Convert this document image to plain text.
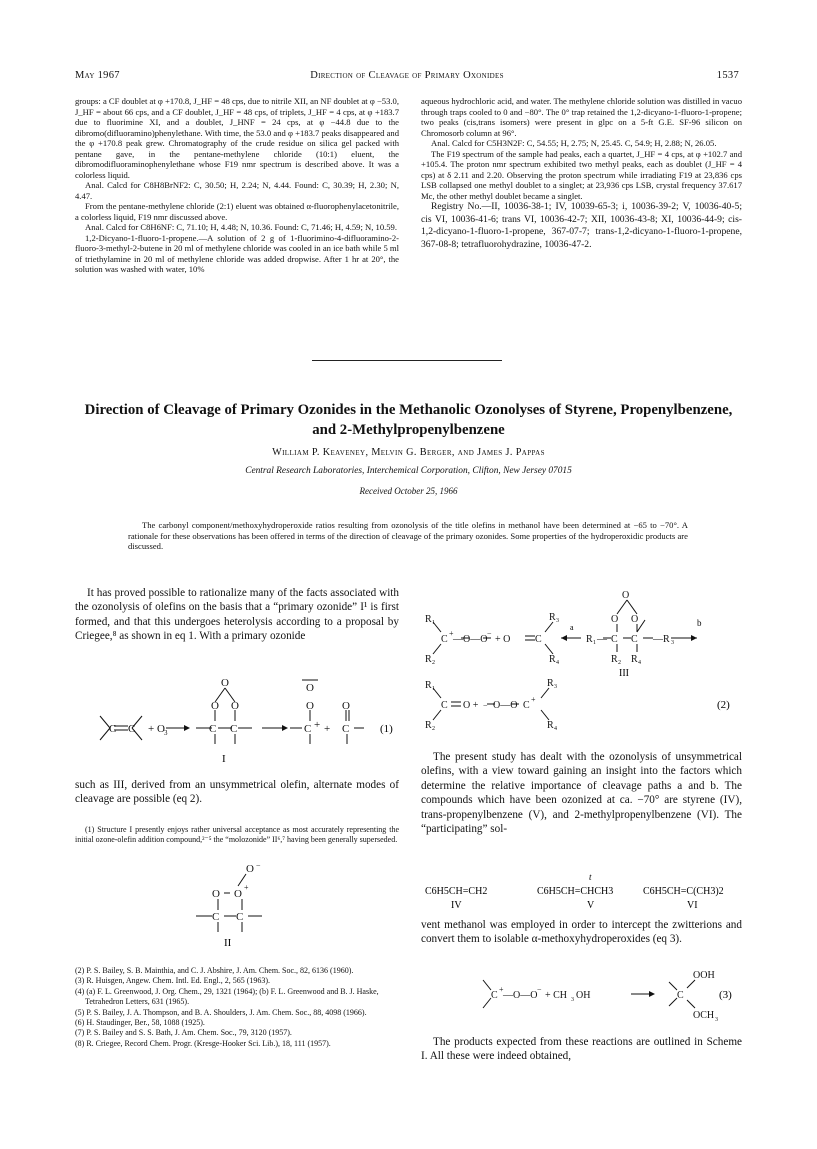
May 1967	Direction of Cleavage of Primary Oxonides	1537

groups: a CF doublet at φ +170.8, J_HF = 48 cps, due to nitrile XII, an NF doublet at φ −53.0, J_HF = about 66 cps, and a CF doublet, J_HF = 48 cps, of triplets, J_HF = 4 cps, at φ +183.7 due to fluorimine XI, and a doublet, J_HNF = 24 cps, at φ −44.8 due to the dibromo(difluoramino)phenylethane. With time, the 53.0 and φ +183.7 peaks disappeared and the φ +170.8 peak grew. Chromatography of the crude residue on silica gel packed with pentane gave, in the pentane-methylene chloride (10:1) eluent, the dibromodifluoraminophenylethane whose F19 nmr spectrum is described above. It was a colorless liquid.

Anal. Calcd for C8H8BrNF2: C, 30.50; H, 2.24; N, 4.44. Found: C, 30.39; H, 2.30; N, 4.47.

From the pentane-methylene chloride (2:1) eluent was obtained α-fluorophenylacetonitrile, a colorless liquid, F19 nmr discussed above.

Anal. Calcd for C8H6NF: C, 71.10; H, 4.48; N, 10.36. Found: C, 71.46; H, 4.59; N, 10.59.

1,2-Dicyano-1-fluoro-1-propene.—A solution of 2 g of 1-fluorimino-4-difluoramino-2-fluoro-3-methyl-2-butene in 20 ml of methylene chloride was cooled in an ice bath while 5 ml of triethylamine in 20 ml of methylene chloride was added dropwise. After 1 hr at 20°, the solution was washed with water, 10%

aqueous hydrochloric acid, and water. The methylene chloride solution was distilled in vacuo through traps cooled to 0 and −80°. The 0° trap retained the 1,2-dicyano-1-fluoro-1-propene; two peaks (cis,trans isomers) were present in glpc on a 5-ft G.E. SF-96 silicon on Chromosorb column at 96°.

Anal. Calcd for C5H3N2F: C, 54.55; H, 2.75; N, 25.45. C, 54.9; H, 2.88; N, 26.05.

The F19 spectrum of the sample had peaks, each a quartet, J_HF = 4 cps, at φ +102.7 and +105.4. The proton nmr spectrum exhibited two methyl peaks, each as doublet (J_HF = 4 cps) at δ 2.11 and 2.20. Observing the proton spectrum while irradiating F19 at 23,836 cps LSB collapsed one methyl doublet to a singlet; at 23,936 cps LSB, crystal frequency 37.617 Mc, the other methyl doublet became a singlet.

Registry No.—II, 10036-38-1; IV, 10039-65-3; i, 10036-39-2; V, 10036-40-5; cis VI, 10036-41-6; trans VI, 10036-42-7; XII, 10036-43-8; XI, 10036-44-9; cis-1,2-dicyano-1-fluoro-1-propene, 367-07-7; trans-1,2-dicyano-1-fluoro-1-propene, 367-08-8; tetrafluorohydrazine, 10036-47-2.

Direction of Cleavage of Primary Ozonides in the Methanolic Ozonolyses of Styrene, Propenylbenzene, and 2-Methylpropenylbenzene
William P. Keaveney, Melvin G. Berger, and James J. Pappas
Central Research Laboratories, Interchemical Corporation, Clifton, New Jersey 07015
Received October 25, 1966
The carbonyl component/methoxyhydroperoxide ratios resulting from ozonolysis of the title olefins in methanol have been determined at −65 to −70°. A rationale for these observations has been offered in terms of the direction of cleavage of the primary ozonides. Some properties of the hydroperoxidic products are discussed.
It has proved possible to rationalize many of the facts associated with the ozonolysis of olefins on the basis that a “primary ozonide” I¹ is first formed, and that this undergoes heterolysis according to a proposal by Criegee,⁸ as shown in eq 1. With a primary ozonide
C C + O 3	C C
O O
O
C + +
O
O
O
C
I
(1)
such as III, derived from an unsymmetrical olefin, alternate modes of cleavage are possible (eq 2).
(1) Structure I presently enjoys rather universal acceptance as most accurately representing the initial ozone-olefin addition compound,²⁻⁵ the “molozonide” II⁶,⁷ having been generally superseded.
O −
O O
+
C C
II
(2) P. S. Bailey, S. B. Mainthia, and C. J. Abshire, J. Am. Chem. Soc., 82, 6136 (1960).
(3) R. Huisgen, Angew. Chem. Intl. Ed. Engl., 2, 565 (1963).
(4) (a) F. L. Greenwood, J. Org. Chem., 29, 1321 (1964); (b) F. L. Greenwood and B. J. Haske, Tetrahedron Letters, 631 (1965).
(5) P. S. Bailey, J. A. Thompson, and B. A. Shoulders, J. Am. Chem. Soc., 88, 4098 (1966).
(6) H. Staudinger, Ber., 58, 1088 (1925).
(7) P. S. Bailey and S. S. Bath, J. Am. Chem. Soc., 79, 3120 (1957).
(8) R. Criegee, Record Chem. Progr. (Kresge-Hooker Sci. Lib.), 18, 111 (1957).
R 1
R 2
C
+
—O—O
−
+ O C
R 3
R 4
R 1 — C C —R 3
O O
O
R 2 R 4
R 1
R 2
C O + − O—O C
+
R 3
R 4
a	b
III
(2)
The present study has dealt with the ozonolysis of unsymmetrical olefins, with a view toward gaining an insight into the factors which determine the relative importance of cleavage paths a and b. The compounds which have been ozonized at ca. −70° are styrene (IV), trans-propenylbenzene (V), and 2-methylpropenylbenzene (VI). The “participating” sol-
t
C6H5CH=CH2	C6H5CH=CHCH3	C6H5CH=C(CH3)2
IV	V	VI
vent methanol was employed in order to intercept the zwitterions and convert them to isolable α-methoxyhydroperoxides (eq 3).
C
+
—O—O
−
+ CH 3 OH	C
OOH
OCH 3
(3)
The products expected from these reactions are outlined in Scheme I. All these were indeed obtained,
